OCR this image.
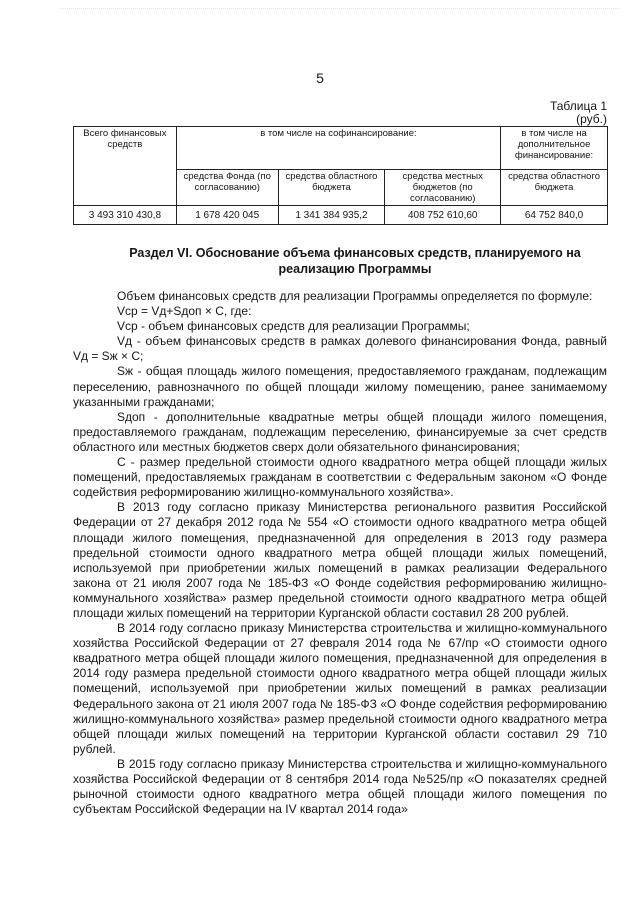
5
Таблица 1
(руб.)
Всего финансовых средств	в том числе на софинансирование:			в том числе на дополнительное финансирование:
	средства Фонда (по согласованию)	средства областного бюджета	средства местных бюджетов (по согласованию)	средства областного бюджета
3 493 310 430,8	1 678 420 045	1 341 384 935,2	408 752 610,60	64 752 840,0
Раздел VI. Обоснование объема финансовых средств, планируемого на реализацию Программы

Объем финансовых средств для реализации Программы определяется по формуле:

Vср = Vд+Sдоп × C, где:

Vср - объем финансовых средств для реализации Программы;

Vд - объем финансовых средств в рамках долевого финансирования Фонда, равный Vд = Sж × C;

Sж - общая площадь жилого помещения, предоставляемого гражданам, подлежащим переселению, равнозначного по общей площади жилому помещению, ранее занимаемому указанными гражданами;

Sдоп - дополнительные квадратные метры общей площади жилого помещения, предоставляемого гражданам, подлежащим переселению, финансируемые за счет средств областного или местных бюджетов сверх доли обязательного финансирования;

С - размер предельной стоимости одного квадратного метра общей площади жилых помещений, предоставляемых гражданам в соответствии с Федеральным законом «О Фонде содействия реформированию жилищно-коммунального хозяйства».

В 2013 году согласно приказу Министерства регионального развития Российской Федерации от 27 декабря 2012 года № 554 «О стоимости одного квадратного метра общей площади жилого помещения, предназначенной для определения в 2013 году размера предельной стоимости одного квадратного метра общей площади жилых помещений, используемой при приобретении жилых помещений в рамках реализации Федерального закона от 21 июля 2007 года № 185-ФЗ «О Фонде содействия реформированию жилищно-коммунального хозяйства» размер предельной стоимости одного квадратного метра общей площади жилых помещений на территории Курганской области составил 28 200 рублей.

В 2014 году согласно приказу Министерства строительства и жилищно-коммунального хозяйства Российской Федерации от 27 февраля 2014 года № 67/пр «О стоимости одного квадратного метра общей площади жилого помещения, предназначенной для определения в 2014 году размера предельной стоимости одного квадратного метра общей площади жилых помещений, используемой при приобретении жилых помещений в рамках реализации Федерального закона от 21 июля 2007 года № 185-ФЗ «О Фонде содействия реформированию жилищно-коммунального хозяйства» размер предельной стоимости одного квадратного метра общей площади жилых помещений на территории Курганской области составил 29 710 рублей.

В 2015 году согласно приказу Министерства строительства и жилищно-коммунального хозяйства Российской Федерации от 8 сентября 2014 года №525/пр «О показателях средней рыночной стоимости одного квадратного метра общей площади жилого помещения по субъектам Российской Федерации на IV квартал 2014 года»
